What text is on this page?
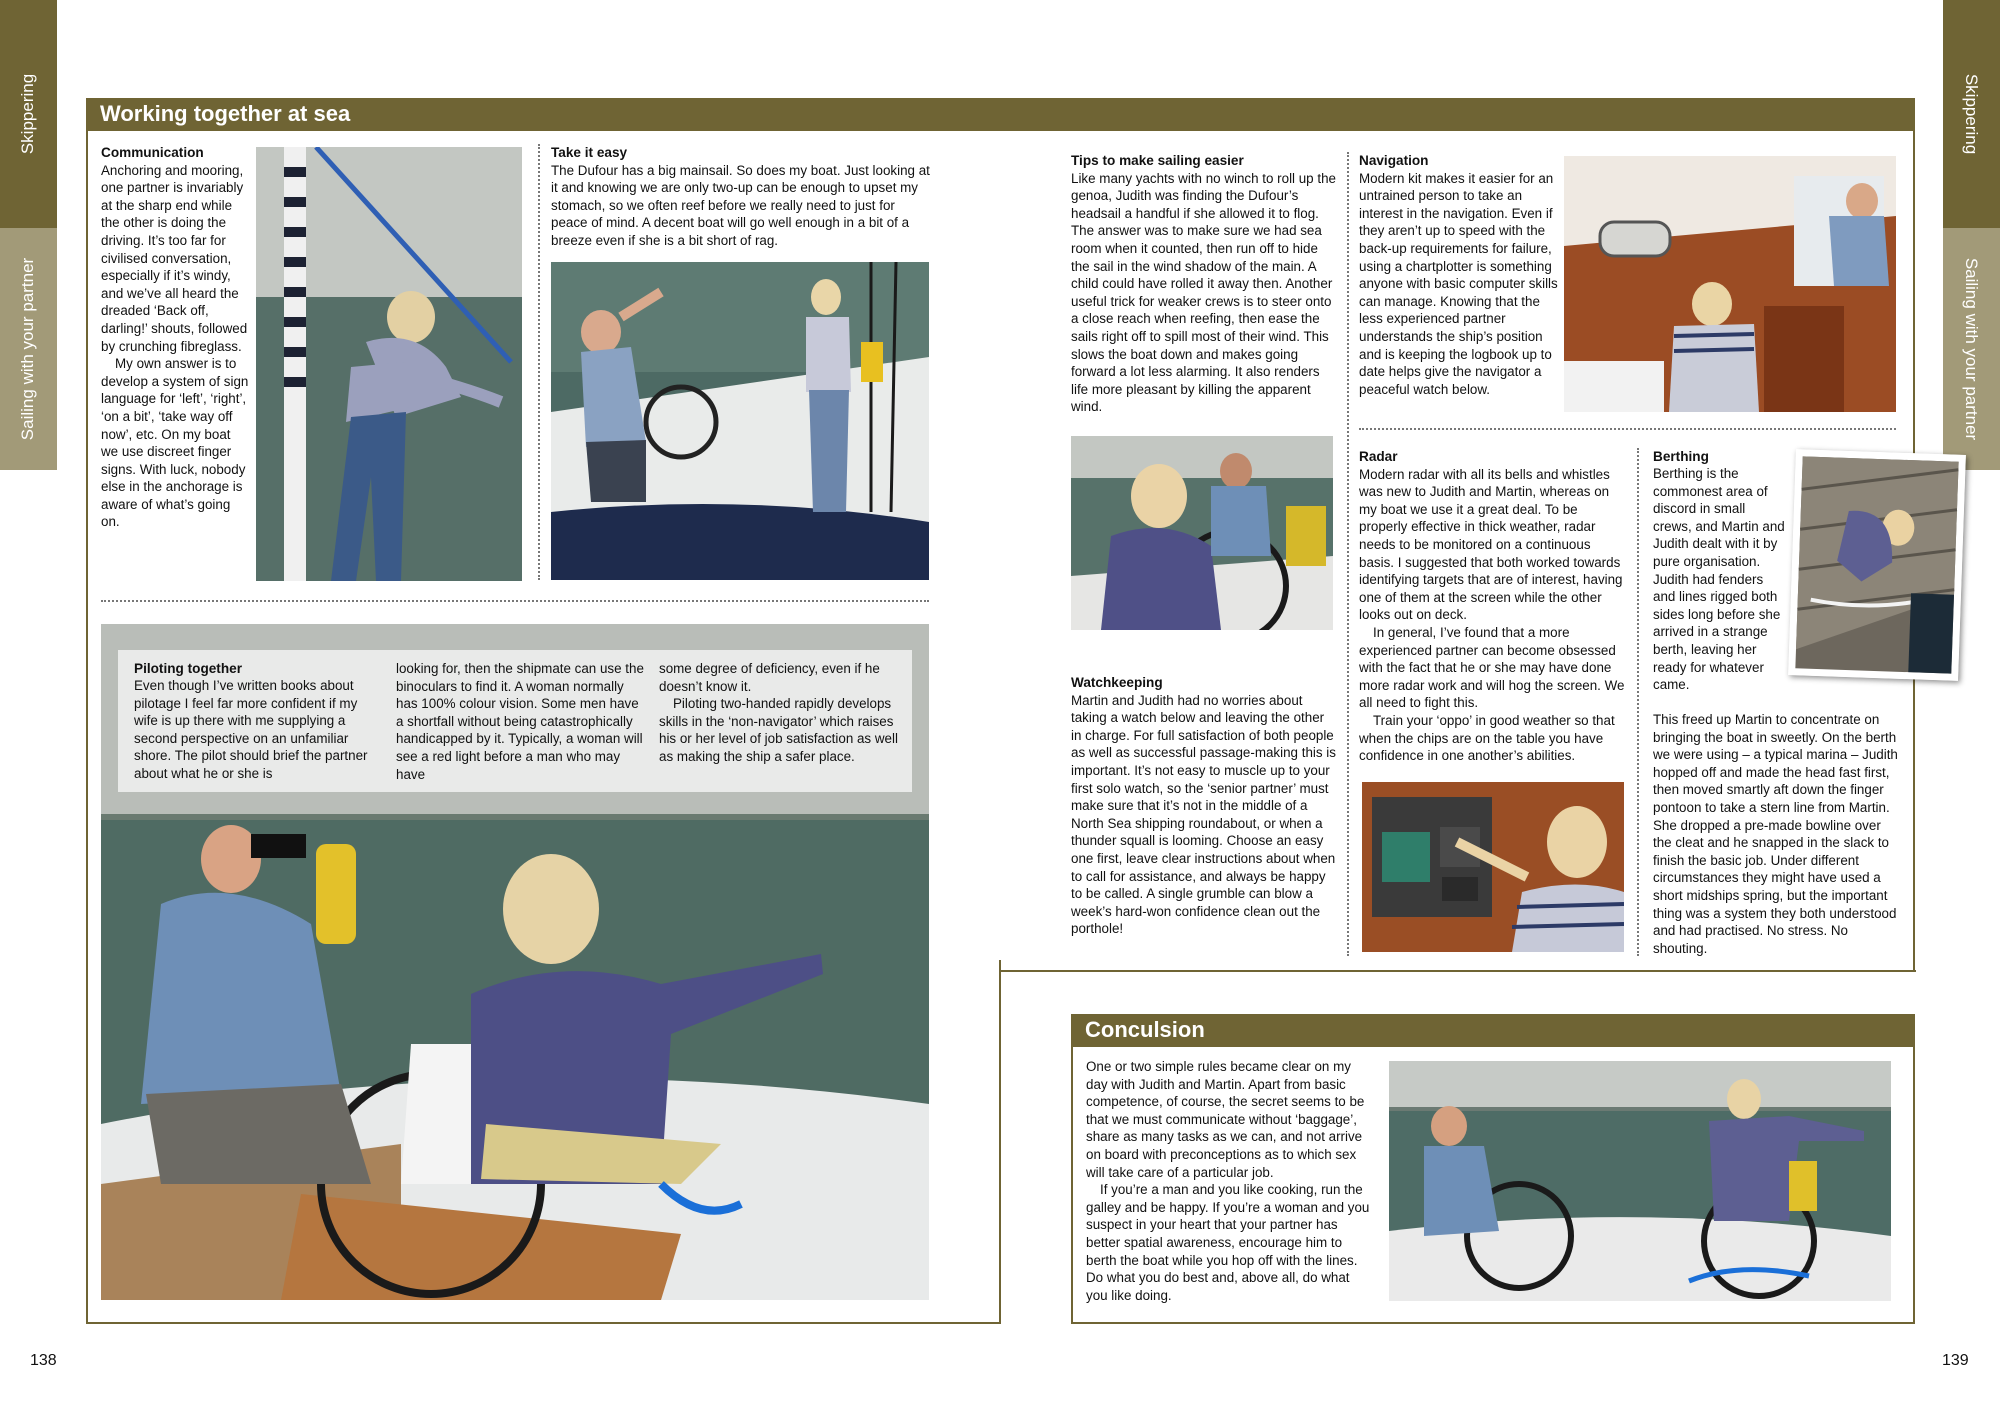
Skippering
Sailing with your partner
Skippering
Sailing with your partner
Working together at sea
Communication

Anchoring and mooring, one partner is invariably at the sharp end while the other is doing the driving. It’s too far for civilised conversation, especially if it’s windy, and we’ve all heard the dreaded ‘Back off, darling!’ shouts, followed by crunching fibreglass.

My own answer is to develop a system of sign language for ‘left’, ‘right’, ‘on a bit’, ‘take way off now’, etc. On my boat we use discreet finger signs. With luck, nobody else in the anchorage is aware of what’s going on.

Take it easy

The Dufour has a big mainsail. So does my boat. Just looking at it and knowing we are only two-up can be enough to upset my stomach, so we often reef before we really need to just for peace of mind. A decent boat will go well enough in a bit of a breeze even if she is a bit short of rag.

Piloting together
Even though I’ve written books about pilotage I feel far more confident if my wife is up there with me supplying a second perspective on an unfamiliar shore. The pilot should brief the partner about what he or she is
looking for, then the shipmate can use the binoculars to find it. A woman normally has 100% colour vision. Some men have a shortfall without being catastrophically handicapped by it. Typically, a woman will see a red light before a man who may have

some degree of deficiency, even if he doesn’t know it.

Piloting two-handed rapidly develops skills in the ‘non-navigator’ which raises his or her level of job satisfaction as well as making the ship a safer place.

Tips to make sailing easier

Like many yachts with no winch to roll up the genoa, Judith was finding the Dufour’s headsail a handful if she allowed it to flog. The answer was to make sure we had sea room when it counted, then run off to hide the sail in the wind shadow of the main. A child could have rolled it away then. Another useful trick for weaker crews is to steer onto a close reach when reefing, then ease the sails right off to spill most of their wind. This slows the boat down and makes going forward a lot less alarming. It also renders life more pleasant by killing the apparent wind.

Navigation

Modern kit makes it easier for an untrained person to take an interest in the navigation. Even if they aren’t up to speed with the back-up requirements for failure, using a chartplotter is something anyone with basic computer skills can manage. Knowing that the less experienced partner understands the ship’s position and is keeping the logbook up to date helps give the navigator a peaceful watch below.

Radar

Modern radar with all its bells and whistles was new to Judith and Martin, whereas on my boat we use it a great deal. To be properly effective in thick weather, radar needs to be monitored on a continuous basis. I suggested that both worked towards identifying targets that are of interest, having one of them at the screen while the other looks out on deck.

In general, I’ve found that a more experienced partner can become obsessed with the fact that he or she may have done more radar work and will hog the screen. We all need to fight this.

Train your ‘oppo’ in good weather so that when the chips are on the table you have confidence in one another’s abilities.

Berthing
Berthing is the commonest area of discord in small crews, and Martin and Judith dealt with it by pure organisation. Judith had fenders and lines rigged both sides long before she arrived in a strange berth, leaving her ready for whatever came.
This freed up Martin to concentrate on bringing the boat in sweetly. On the berth we were using – a typical marina – Judith hopped off and made the head fast first, then moved smartly aft down the finger pontoon to take a stern line from Martin. She dropped a pre-made bowline over the cleat and he snapped in the slack to finish the basic job. Under different circumstances they might have used a short midships spring, but the important thing was a system they both understood and had practised. No stress. No shouting.
Watchkeeping

Martin and Judith had no worries about taking a watch below and leaving the other in charge. For full satisfaction of both people as well as successful passage-making this is important. It’s not easy to muscle up to your first solo watch, so the ‘senior partner’ must make sure that it’s not in the middle of a North Sea shipping roundabout, or when a thunder squall is looming. Choose an easy one first, leave clear instructions about when to call for assistance, and always be happy to be called. A single grumble can blow a week’s hard-won confidence clean out the porthole!

Conculsion

One or two simple rules became clear on my day with Judith and Martin. Apart from basic competence, of course, the secret seems to be that we must communicate without ‘baggage’, share as many tasks as we can, and not arrive on board with preconceptions as to which sex will take care of a particular job.

If you’re a man and you like cooking, run the galley and be happy. If you’re a woman and you suspect in your heart that your partner has better spatial awareness, encourage him to berth the boat while you hop off with the lines. Do what you do best and, above all, do what you like doing.

138	139
